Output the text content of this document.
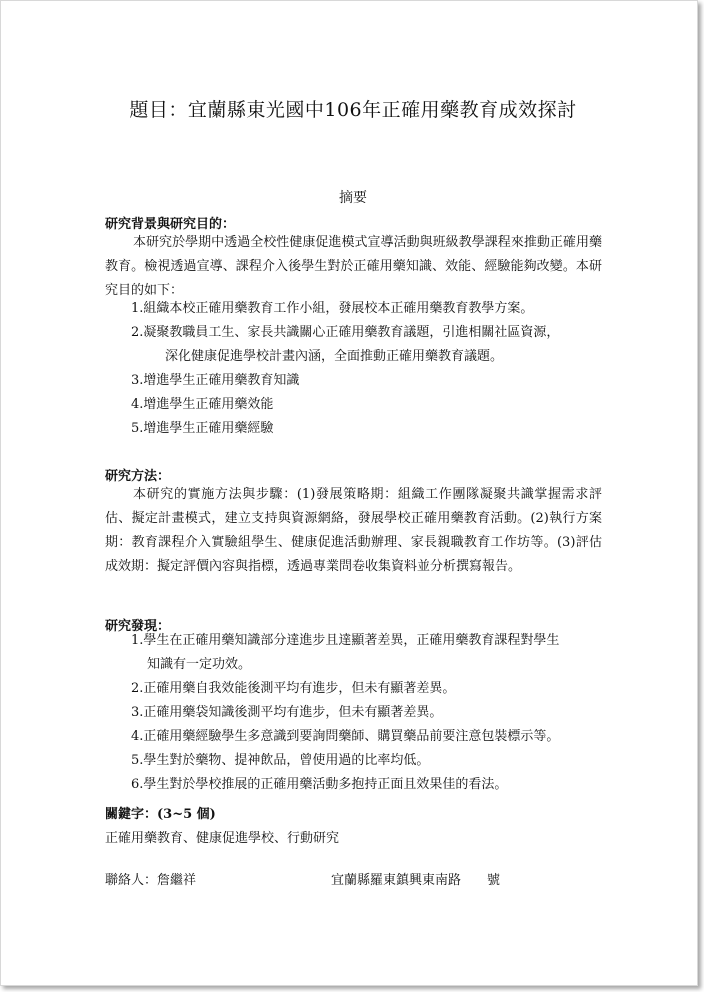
題目：宜蘭縣東光國中106年正確用藥教育成效探討
摘要
研究背景與研究目的：
本研究於學期中透過全校性健康促進模式宣導活動與班級教學課程來推動正確用藥教育。檢視透過宣導、課程介入後學生對於正確用藥知識、效能、經驗能夠改變。本研究目的如下：
1.組織本校正確用藥教育工作小組，發展校本正確用藥教育教學方案。
2.凝聚教職員工生、家長共識關心正確用藥教育議題，引進相關社區資源，
深化健康促進學校計畫內涵，全面推動正確用藥教育議題。
3.增進學生正確用藥教育知識
4.增進學生正確用藥效能
5.增進學生正確用藥經驗
研究方法：
本研究的實施方法與步驟：(1)發展策略期：組織工作團隊凝聚共識掌握需求評估、擬定計畫模式，建立支持與資源網絡，發展學校正確用藥教育活動。(2)執行方案期：教育課程介入實驗組學生、健康促進活動辦理、家長親職教育工作坊等。(3)評估成效期：擬定評價內容與指標，透過專業問卷收集資料並分析撰寫報告。
研究發現：
1.學生在正確用藥知識部分達進步且達顯著差異，正確用藥教育課程對學生
知識有一定功效。
2.正確用藥自我效能後測平均有進步，但未有顯著差異。
3.正確用藥袋知識後測平均有進步，但未有顯著差異。
4.正確用藥經驗學生多意識到要詢問藥師、購買藥品前要注意包裝標示等。
5.學生對於藥物、提神飲品，曾使用過的比率均低。
6.學生對於學校推展的正確用藥活動多抱持正面且效果佳的看法。
關鍵字：(3~5 個)
正確用藥教育、健康促進學校、行動研究
聯絡人：詹繼祥	宜蘭縣羅東鎮興東南路　　號
